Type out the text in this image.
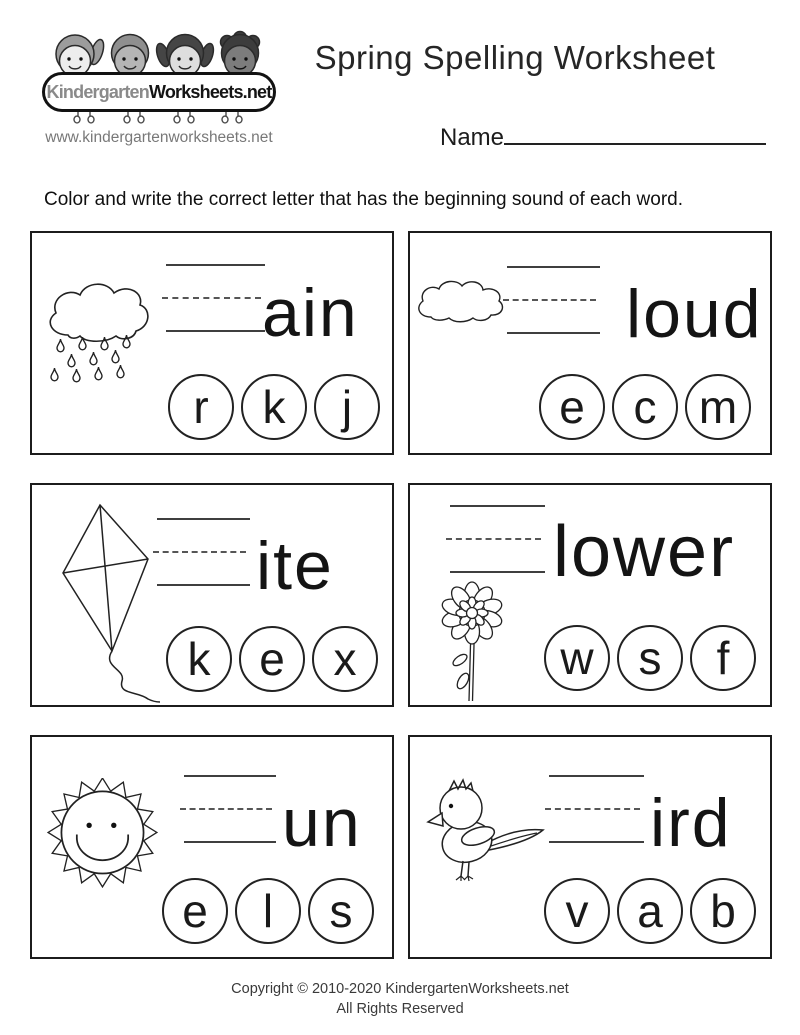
Kindergarten Worksheets.net
www.kindergartenworksheets.net
Spring Spelling Worksheet
Name
Color and write the correct letter that has the beginning sound of each word.
ain
r	k	j
loud
e	c m
ite
k	e	x
lower
w s	f
un
e	l	s
ird
v	a	b
Copyright © 2010-2020 KindergartenWorksheets.net
All Rights Reserved
